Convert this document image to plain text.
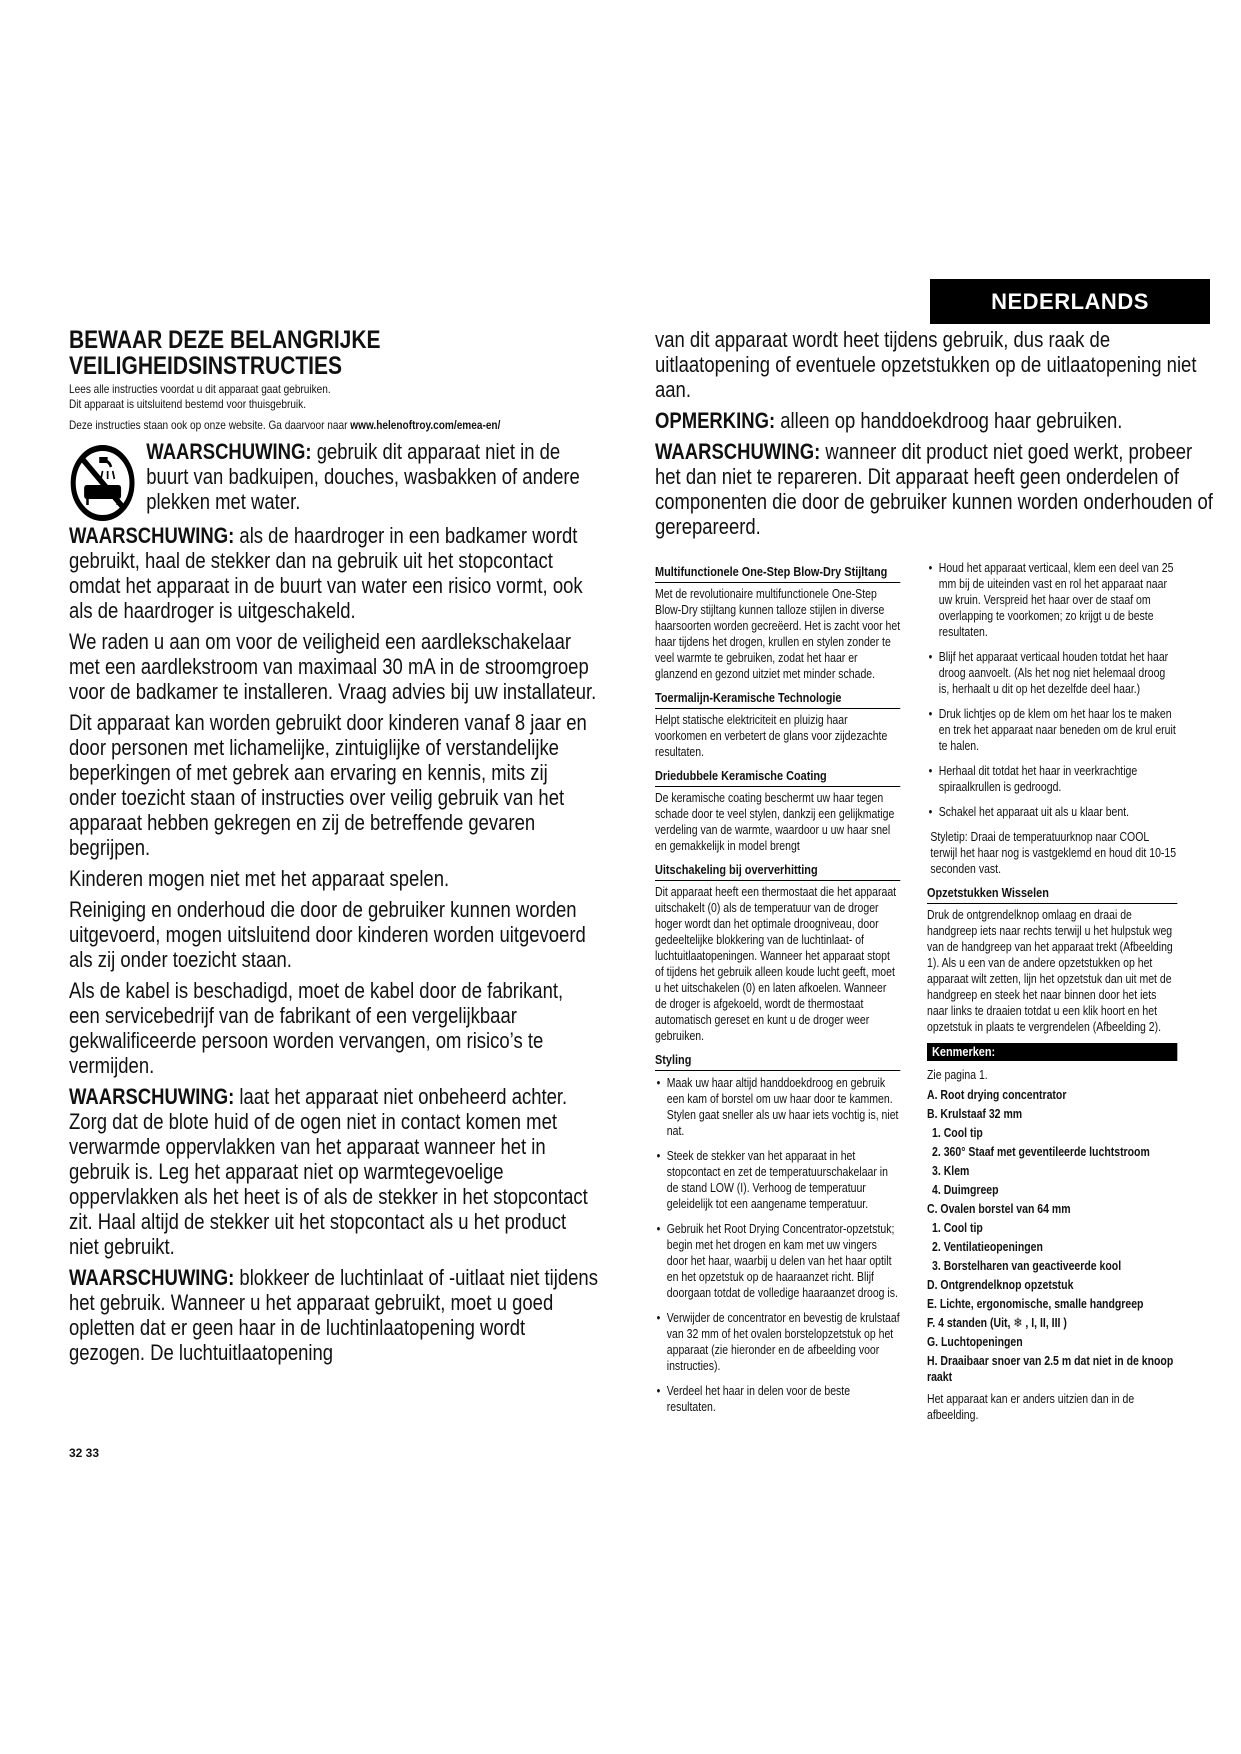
NEDERLANDS
BEWAAR DEZE BELANGRIJKE
VEILIGHEIDSINSTRUCTIES

Lees alle instructies voordat u dit apparaat gaat gebruiken.
Dit apparaat is uitsluitend bestemd voor thuisgebruik.

Deze instructies staan ook op onze website. Ga daarvoor naar www.helenoftroy.com/emea-en/

WAARSCHUWING: gebruik dit apparaat niet in de buurt van badkuipen, douches, wasbakken of andere plekken met water.

WAARSCHUWING: als de haardroger in een badkamer wordt gebruikt, haal de stekker dan na gebruik uit het stopcontact omdat het apparaat in de buurt van water een risico vormt, ook als de haardroger is uitgeschakeld.

We raden u aan om voor de veiligheid een aardlekschakelaar met een aardlekstroom van maximaal 30 mA in de stroomgroep voor de badkamer te installeren. Vraag advies bij uw installateur.

Dit apparaat kan worden gebruikt door kinderen vanaf 8 jaar en door personen met lichamelijke, zintuiglijke of verstandelijke beperkingen of met gebrek aan ervaring en kennis, mits zij onder toezicht staan of instructies over veilig gebruik van het apparaat hebben gekregen en zij de betreffende gevaren begrijpen.

Kinderen mogen niet met het apparaat spelen.

Reiniging en onderhoud die door de gebruiker kunnen worden uitgevoerd, mogen uitsluitend door kinderen worden uitgevoerd als zij onder toezicht staan.

Als de kabel is beschadigd, moet de kabel door de fabrikant, een servicebedrijf van de fabrikant of een vergelijkbaar gekwalificeerde persoon worden vervangen, om risico’s te vermijden.

WAARSCHUWING: laat het apparaat niet onbeheerd achter. Zorg dat de blote huid of de ogen niet in contact komen met verwarmde oppervlakken van het apparaat wanneer het in gebruik is. Leg het apparaat niet op warmtegevoelige oppervlakken als het heet is of als de stekker in het stopcontact zit. Haal altijd de stekker uit het stopcontact als u het product niet gebruikt.

WAARSCHUWING: blokkeer de luchtinlaat of -uitlaat niet tijdens het gebruik. Wanneer u het apparaat gebruikt, moet u goed opletten dat er geen haar in de luchtinlaatopening wordt gezogen. De luchtuitlaatopening

32 33

van dit apparaat wordt heet tijdens gebruik, dus raak de uitlaatopening of eventuele opzetstukken op de uitlaatopening niet aan.

OPMERKING: alleen op handdoekdroog haar gebruiken.

WAARSCHUWING: wanneer dit product niet goed werkt, probeer het dan niet te repareren. Dit apparaat heeft geen onderdelen of componenten die door de gebruiker kunnen worden onderhouden of gerepareerd.

Multifunctionele One-Step Blow-Dry Stijltang

Met de revolutionaire multifunctionele One-Step Blow-Dry stijltang kunnen talloze stijlen in diverse haarsoorten worden gecreëerd. Het is zacht voor het haar tijdens het drogen, krullen en stylen zonder te veel warmte te gebruiken, zodat het haar er glanzend en gezond uitziet met minder schade.

Toermalijn-Keramische Technologie

Helpt statische elektriciteit en pluizig haar voorkomen en verbetert de glans voor zijdezachte resultaten.

Driedubbele Keramische Coating

De keramische coating beschermt uw haar tegen schade door te veel stylen, dankzij een gelijkmatige verdeling van de warmte, waardoor u uw haar snel en gemakkelijk in model brengt

Uitschakeling bij oververhitting

Dit apparaat heeft een thermostaat die het apparaat uitschakelt (0) als de temperatuur van de droger hoger wordt dan het optimale droogniveau, door gedeeltelijke blokkering van de luchtinlaat- of luchtuitlaatopeningen. Wanneer het apparaat stopt of tijdens het gebruik alleen koude lucht geeft, moet u het uitschakelen (0) en laten afkoelen. Wanneer de droger is afgekoeld, wordt de thermostaat automatisch gereset en kunt u de droger weer gebruiken.

Styling
• Maak uw haar altijd handdoekdroog en gebruik een kam of borstel om uw haar door te kammen. Stylen gaat sneller als uw haar iets vochtig is, niet nat.
• Steek de stekker van het apparaat in het stopcontact en zet de temperatuurschakelaar in de stand LOW (I). Verhoog de temperatuur geleidelijk tot een aangename temperatuur.
• Gebruik het Root Drying Concentrator-opzetstuk; begin met het drogen en kam met uw vingers door het haar, waarbij u delen van het haar optilt en het opzetstuk op de haaraanzet richt. Blijf doorgaan totdat de volledige haaraanzet droog is.
• Verwijder de concentrator en bevestig de krulstaaf van 32 mm of het ovalen borstelopzetstuk op het apparaat (zie hieronder en de afbeelding voor instructies).
• Verdeel het haar in delen voor de beste resultaten.
• Houd het apparaat verticaal, klem een deel van 25 mm bij de uiteinden vast en rol het apparaat naar uw kruin. Verspreid het haar over de staaf om overlapping te voorkomen; zo krijgt u de beste resultaten.
• Blijf het apparaat verticaal houden totdat het haar droog aanvoelt. (Als het nog niet helemaal droog is, herhaalt u dit op het dezelfde deel haar.)
• Druk lichtjes op de klem om het haar los te maken en trek het apparaat naar beneden om de krul eruit te halen.
• Herhaal dit totdat het haar in veerkrachtige spiraalkrullen is gedroogd.
• Schakel het apparaat uit als u klaar bent.

Styletip: Draai de temperatuurknop naar COOL terwijl het haar nog is vastgeklemd en houd dit 10-15 seconden vast.

Opzetstukken Wisselen

Druk de ontgrendelknop omlaag en draai de handgreep iets naar rechts terwijl u het hulpstuk weg van de handgreep van het apparaat trekt (Afbeelding 1). Als u een van de andere opzetstukken op het apparaat wilt zetten, lijn het opzetstuk dan uit met de handgreep en steek het naar binnen door het iets naar links te draaien totdat u een klik hoort en het opzetstuk in plaats te vergrendelen (Afbeelding 2).

Kenmerken:

Zie pagina 1.

A. Root drying concentrator
B. Krulstaaf 32 mm
1. Cool tip
2. 360° Staaf met geventileerde luchtstroom
3. Klem
4. Duimgreep
C. Ovalen borstel van 64 mm
1. Cool tip
2. Ventilatieopeningen
3. Borstelharen van geactiveerde kool
D. Ontgrendelknop opzetstuk
E. Lichte, ergonomische, smalle handgreep
F. 4 standen (Uit, ❄ , I, II, III )
G. Luchtopeningen
H. Draaibaar snoer van 2.5 m dat niet in de knoop raakt

Het apparaat kan er anders uitzien dan in de afbeelding.
